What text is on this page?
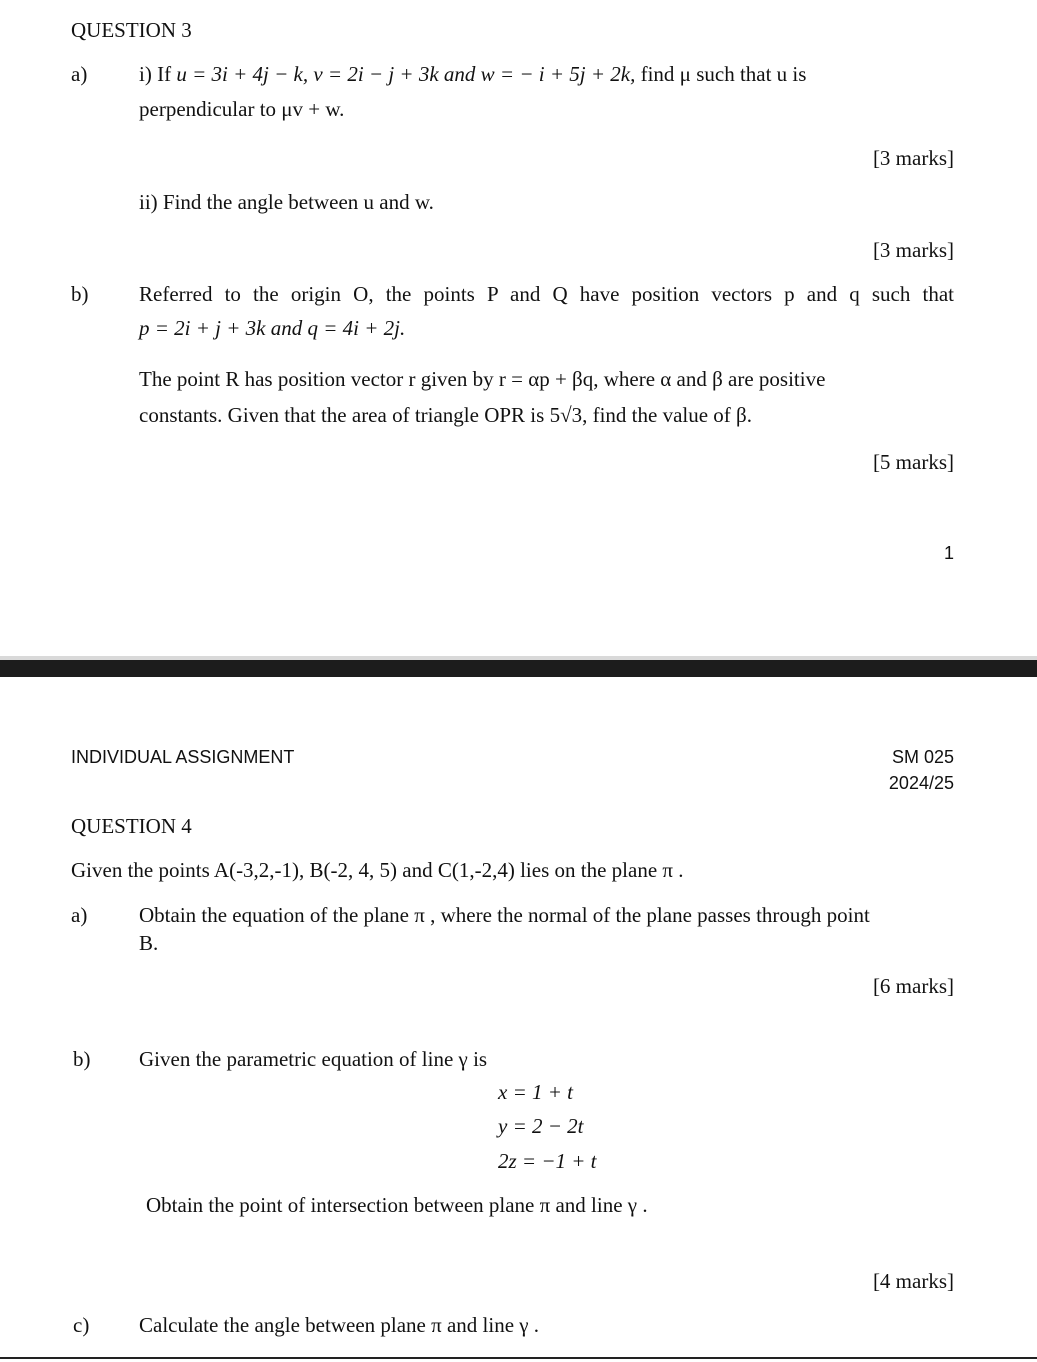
QUESTION 3
a) i) If u = 3i + 4j − k, v = 2i − j + 3k and w = − i + 5j + 2k, find μ such that u is
perpendicular to μv + w.
[3 marks]
ii) Find the angle between u and w.
[3 marks]
b) Referred to the origin O, the points P and Q have position vectors p and q such that
p = 2i + j + 3k and q = 4i + 2j.
The point R has position vector r given by r = αp + βq, where α and β are positive
constants. Given that the area of triangle OPR is 5√3, find the value of β.
[5 marks]
1
INDIVIDUAL ASSIGNMENT	SM 025
2024/25
QUESTION 4
Given the points A(-3,2,-1), B(-2, 4, 5) and C(1,-2,4) lies on the plane π .
a) Obtain the equation of the plane π , where the normal of the plane passes through point
B.
[6 marks]
b) Given the parametric equation of line γ is
x = 1 + t
y = 2 − 2t
2z = −1 + t
Obtain the point of intersection between plane π and line γ .
[4 marks]
c) Calculate the angle between plane π and line γ .
